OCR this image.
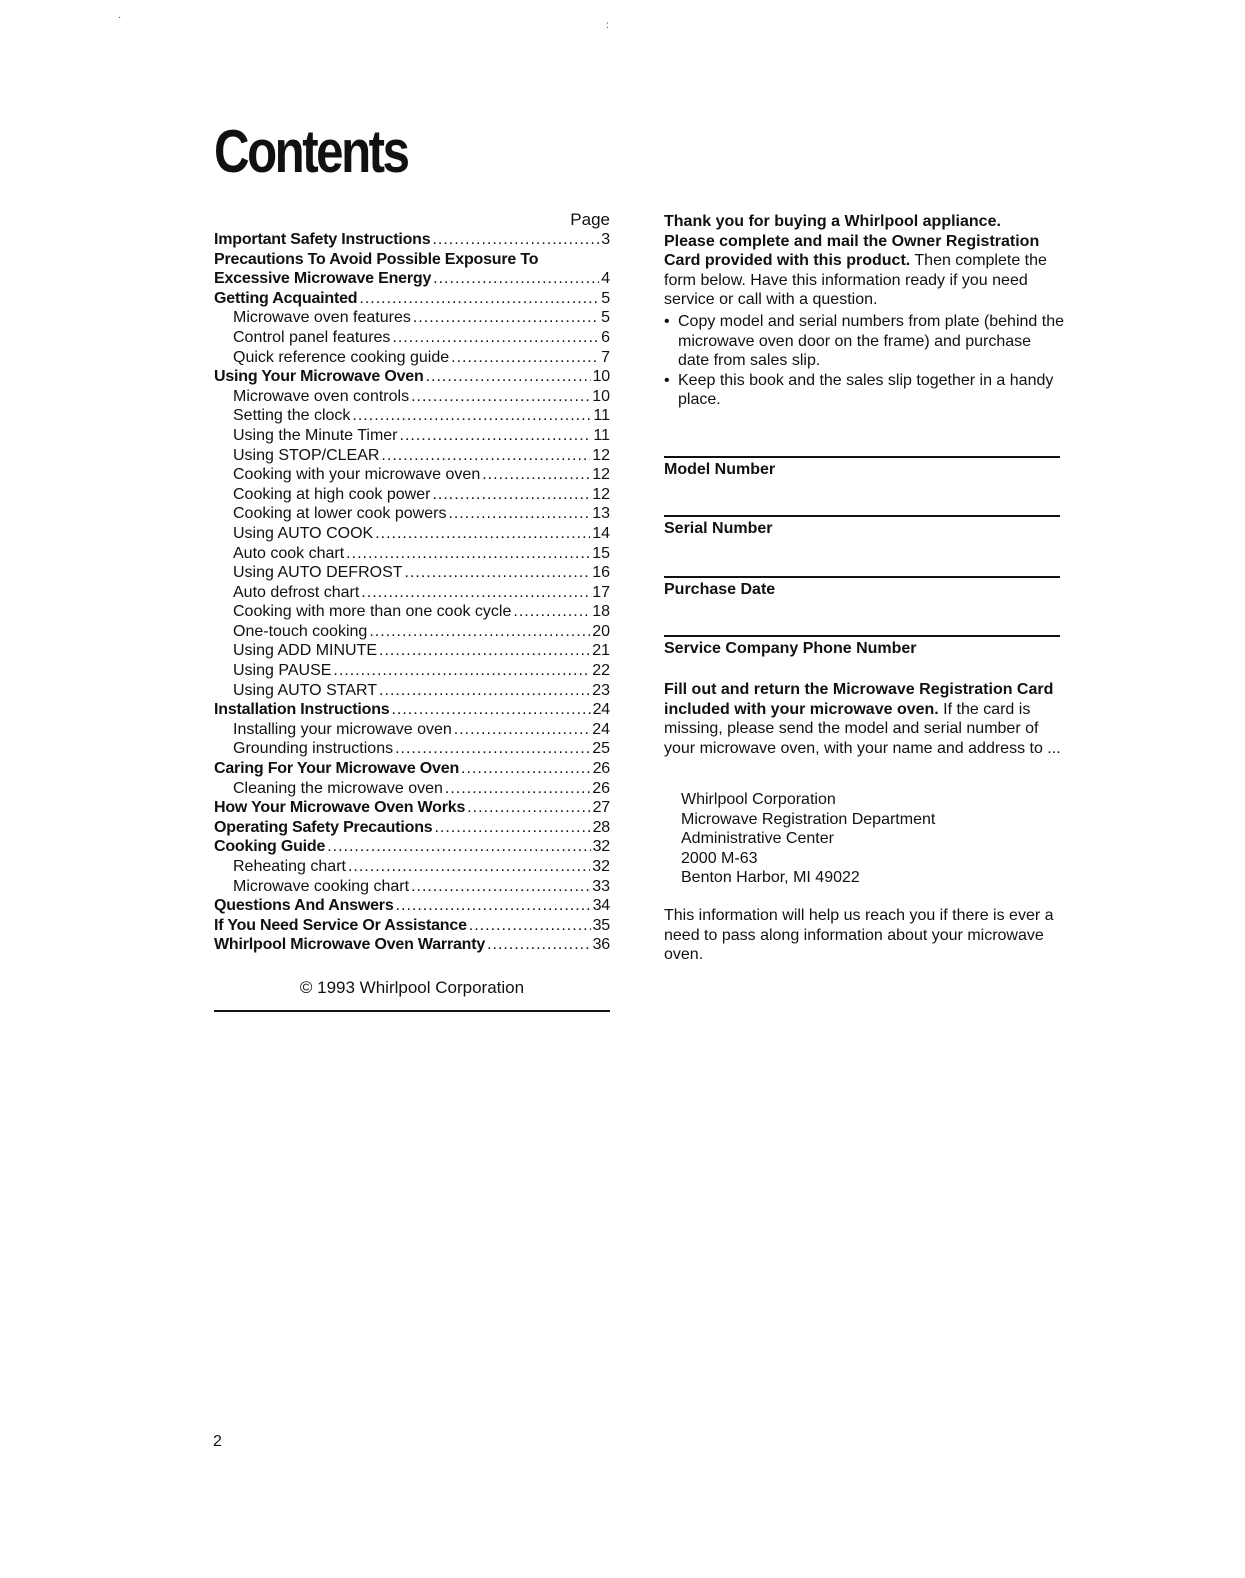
·
:
Contents
Page
Important Safety Instructions .....	3
Precautions To Avoid Possible Exposure To
Excessive Microwave Energy .....	4
Getting Acquainted .....	5
Microwave oven features .....	5
Control panel features .....	6
Quick reference cooking guide .....	7
Using Your Microwave Oven .....	10
Microwave oven controls .....	10
Setting the clock .....	11
Using the Minute Timer .....	11
Using STOP/CLEAR .....	12
Cooking with your microwave oven .....	12
Cooking at high cook power .....	12
Cooking at lower cook powers .....	13
Using AUTO COOK .....	14
Auto cook chart .....	15
Using AUTO DEFROST .....	16
Auto defrost chart .....	17
Cooking with more than one cook cycle .....	18
One-touch cooking .....	20
Using ADD MINUTE .....	21
Using PAUSE .....	22
Using AUTO START .....	23
Installation Instructions .....	24
Installing your microwave oven .....	24
Grounding instructions .....	25
Caring For Your Microwave Oven .....	26
Cleaning the microwave oven .....	26
How Your Microwave Oven Works .....	27
Operating Safety Precautions .....	28
Cooking Guide .....	32
Reheating chart .....	32
Microwave cooking chart .....	33
Questions And Answers .....	34
If You Need Service Or Assistance .....	35
Whirlpool Microwave Oven Warranty .....	36
© 1993 Whirlpool Corporation

Thank you for buying a Whirlpool appliance.

Please complete and mail the Owner Registration Card provided with this product. Then complete the form below. Have this information ready if you need service or call with a question.

• Copy model and serial numbers from plate (behind the microwave oven door on the frame) and purchase date from sales slip.
• Keep this book and the sales slip together in a handy place.
Model Number
Serial Number
Purchase Date
Service Company Phone Number

Fill out and return the Microwave Registration Card included with your microwave oven. If the card is missing, please send the model and serial number of your microwave oven, with your name and address to ...

Whirlpool Corporation
Microwave Registration Department
Administrative Center
2000 M-63
Benton Harbor, MI 49022
This information will help us reach you if there is ever a need to pass along information about your microwave oven.
2
